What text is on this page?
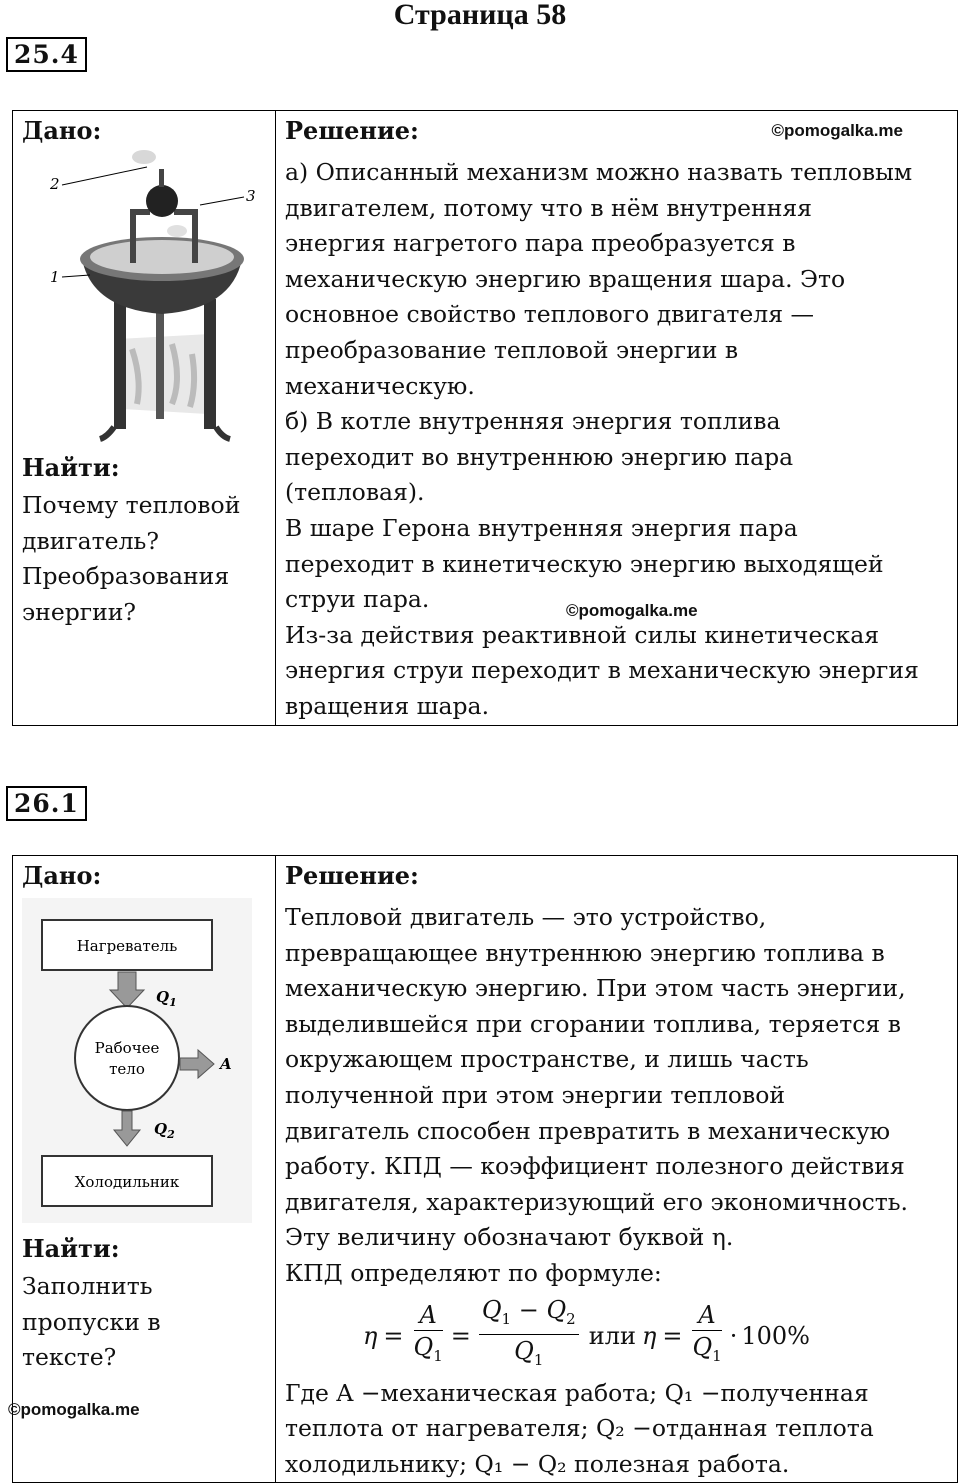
Страница 58
25.4
Дано:
2
3
1
Найти:
Почему тепловой
двигатель?
Преобразования
энергии?

Решение:
а) Описанный механизм можно назвать тепловым
двигателем, потому что в нём внутренняя
энергия нагретого пара преобразуется в
механическую энергию вращения шара. Это
основное свойство теплового двигателя —
преобразование тепловой энергии в
механическую.
б) В котле внутренняя энергия топлива
переходит во внутреннюю энергию пара
(тепловая).
В шаре Герона внутренняя энергия пара
переходит в кинетическую энергию выходящей
струи пара.
Из-за действия реактивной силы кинетическая
энергия струи переходит в механическую энергия
вращения шара.
©pomogalka.me
©pomogalka.me
26.1
Дано:
Нагреватель
$Q_1$
Рабочее
тело	A
$Q_2$
Холодильник
Найти:
Заполнить
пропуски в
тексте?

Решение:
Тепловой двигатель — это устройство,
превращающее внутреннюю энергию топлива в
механическую энергию. При этом часть энергии,
выделившейся при сгорании топлива, теряется в
окружающем пространстве, и лишь часть
полученной при этом энергии тепловой
двигатель способен превратить в механическую
работу. КПД — коэффициент полезного действия
двигателя, характеризующий его экономичность.
Эту величину обозначают буквой η.
КПД определяют по формуле:
$\eta = \frac{A}{Q_1} = \frac{Q_1 - Q_2}{Q_1}$ или $\eta = \frac{A}{Q_1} \cdot 100\%$
Где A −механическая работа; Q₁ −полученная
теплота от нагревателя; Q₂ −отданная теплота
холодильнику; Q₁ − Q₂ полезная работа.
©pomogalka.me
